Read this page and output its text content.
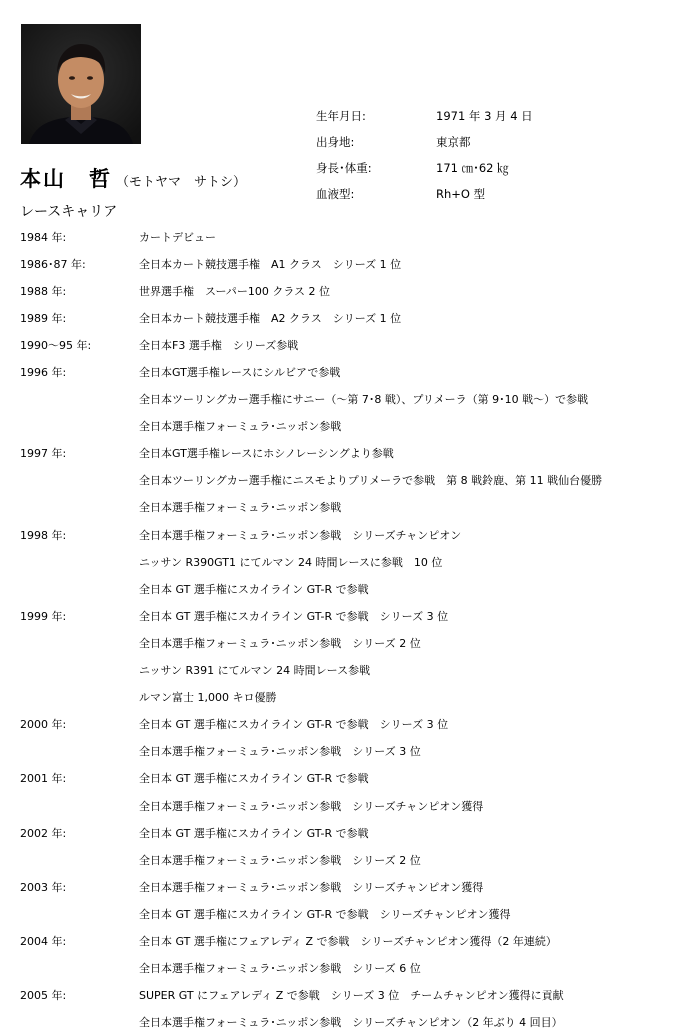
生年月日:	1971 年 3 月 4 日
出身地:	東京都
身長･体重:	171 ㎝･62 ㎏
血液型:	Rh+O 型
本山　哲 （モトヤマ　サトシ）
レースキャリア
1984 年:	カートデビュー
1986･87 年:	全日本カート競技選手権　A1 クラス　シリーズ 1 位
1988 年:	世界選手権　スーパー100 クラス 2 位
1989 年:	全日本カート競技選手権　A2 クラス　シリーズ 1 位
1990～95 年:	全日本F3 選手権　シリーズ参戦
1996 年:	全日本GT選手権レースにシルビアで参戦
全日本ツーリングカー選手権にサニー（～第 7･8 戦）、プリメーラ（第 9･10 戦～）で参戦
全日本選手権フォーミュラ･ニッポン参戦
1997 年:	全日本GT選手権レースにホシノレーシングより参戦
全日本ツーリングカー選手権にニスモよりプリメーラで参戦　第 8 戦鈴鹿、第 11 戦仙台優勝
全日本選手権フォーミュラ･ニッポン参戦
1998 年:	全日本選手権フォーミュラ･ニッポン参戦　シリーズチャンピオン
ニッサン R390GT1 にてルマン 24 時間レースに参戦　10 位
全日本 GT 選手権にスカイライン GT-R で参戦
1999 年:	全日本 GT 選手権にスカイライン GT-R で参戦　シリーズ 3 位
全日本選手権フォーミュラ･ニッポン参戦　シリーズ 2 位
ニッサン R391 にてルマン 24 時間レース参戦
ルマン富士 1,000 キロ優勝
2000 年:	全日本 GT 選手権にスカイライン GT-R で参戦　シリーズ 3 位
全日本選手権フォーミュラ･ニッポン参戦　シリーズ 3 位
2001 年:	全日本 GT 選手権にスカイライン GT-R で参戦
全日本選手権フォーミュラ･ニッポン参戦　シリーズチャンピオン獲得
2002 年:	全日本 GT 選手権にスカイライン GT-R で参戦
全日本選手権フォーミュラ･ニッポン参戦　シリーズ 2 位
2003 年:	全日本選手権フォーミュラ･ニッポン参戦　シリーズチャンピオン獲得
全日本 GT 選手権にスカイライン GT-R で参戦　シリーズチャンピオン獲得
2004 年:	全日本 GT 選手権にフェアレディ Z で参戦　シリーズチャンピオン獲得（2 年連続）
全日本選手権フォーミュラ･ニッポン参戦　シリーズ 6 位
2005 年:	SUPER GT にフェアレディ Z で参戦　シリーズ 3 位　チームチャンピオン獲得に貢献
全日本選手権フォーミュラ･ニッポン参戦　シリーズチャンピオン（2 年ぶり 4 回目）
